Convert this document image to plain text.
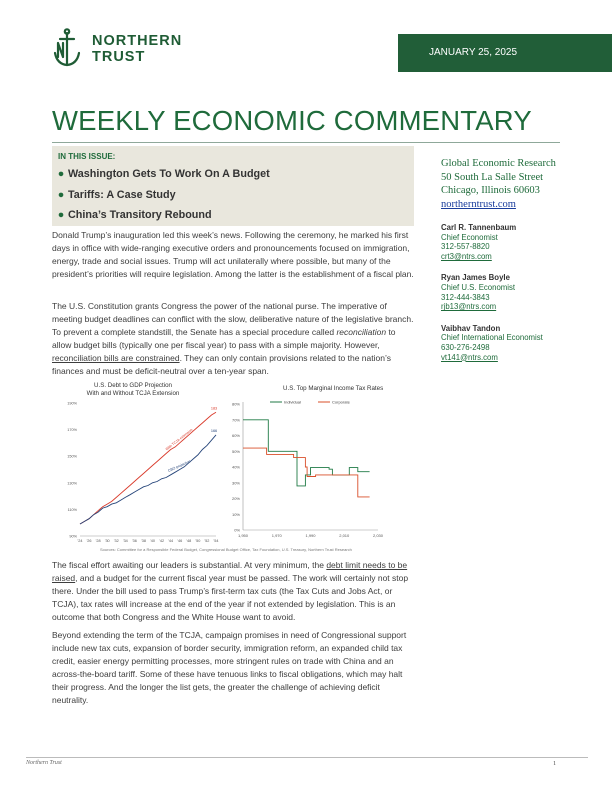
NORTHERN
TRUST	JANUARY 25, 2025
WEEKLY ECONOMIC COMMENTARY
IN THIS ISSUE:
● Washington Gets To Work On A Budget
● Tariffs: A Case Study
● China’s Transitory Rebound
Global Economic Research
50 South La Salle Street
Chicago, Illinois 60603
northerntrust.com
Carl R. Tannenbaum
Chief Economist
312-557-8820
crt3@ntrs.com
Ryan James Boyle
Chief U.S. Economist
312-444-3843
rjb13@ntrs.com
Vaibhav Tandon
Chief International Economist
630-276-2498
vt141@ntrs.com

Donald Trump’s inauguration led this week’s news. Following the ceremony, he marked his first days in office with wide-ranging executive orders and pronouncements focused on immigration, energy, trade and social issues. Trump will act unilaterally where possible, but many of the president’s priorities will require legislation. Among the latter is the establishment of a fiscal plan.

The U.S. Constitution grants Congress the power of the national purse. The imperative of meeting budget deadlines can conflict with the slow, deliberative nature of the legislative branch. To prevent a complete standstill, the Senate has a special procedure called reconciliation to allow budget bills (typically one per fiscal year) to pass with a simple majority. However, reconciliation bills are constrained. They can only contain provisions related to the nation’s finances and must be deficit-neutral over a ten-year span.

U.S. Debt to GDP Projection
With and Without TCJA Extension
90%
110%
130%
150%
170%
190%
'24 '26 '28 '30 '32 '34 '36 '38 '40 '42 '44 '46 '48 '50 '52 '54
183
With TCJA extension	166
CBO projection
U.S. Top Marginal Income Tax Rates
Individual	Corporate
0%
10%
20%
30%
40%
50%
60%
70%
80%
1,950	1,970	1,990	2,010	2,030
Sources: Committee for a Responsible Federal Budget, Congressional Budget Office, Tax Foundation, U.S. Treasury, Northern Trust Research

The fiscal effort awaiting our leaders is substantial. At very minimum, the debt limit needs to be raised, and a budget for the current fiscal year must be passed. The work will certainly not stop there. Under the bill used to pass Trump’s first-term tax cuts (the Tax Cuts and Jobs Act, or TCJA), tax rates will increase at the end of the year if not extended by legislation. This is an outcome that both Congress and the White House want to avoid.

Beyond extending the term of the TCJA, campaign promises in need of Congressional support include new tax cuts, expansion of border security, immigration reform, an expanded child tax credit, easier energy permitting processes, more stringent rules on trade with China and an across-the-board tariff. Some of these have tenuous links to fiscal obligations, which may halt their progress. And the longer the list gets, the greater the challenge of achieving deficit neutrality.

Northern Trust	1
